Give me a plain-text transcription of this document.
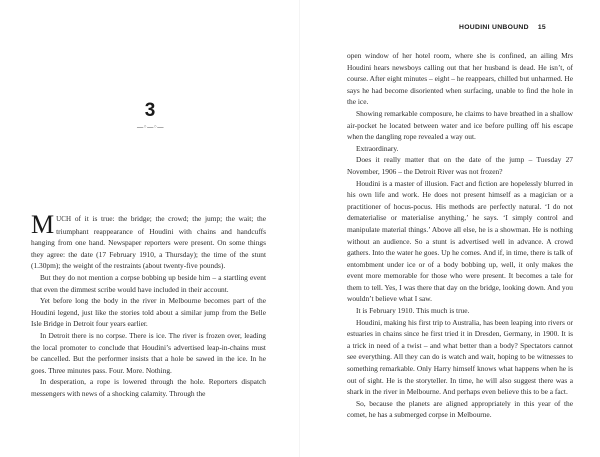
3
—◦—◦—

MUCH of it is true: the bridge; the crowd; the jump; the wait; the triumphant reappearance of Houdini with chains and handcuffs hanging from one hand. Newspaper reporters were present. On some things they agree: the date (17 February 1910, a Thursday); the time of the stunt (1.30pm); the weight of the restraints (about twenty-five pounds).

But they do not mention a corpse bobbing up beside him – a startling event that even the dimmest scribe would have included in their account.

Yet before long the body in the river in Melbourne becomes part of the Houdini legend, just like the stories told about a similar jump from the Belle Isle Bridge in Detroit four years earlier.

In Detroit there is no corpse. There is ice. The river is frozen over, leading the local promoter to conclude that Houdini’s advertised leap-in-chains must be cancelled. But the performer insists that a hole be sawed in the ice. In he goes. Three minutes pass. Four. More. Nothing.

In desperation, a rope is lowered through the hole. Reporters dispatch messengers with news of a shocking calamity. Through the

HOUDINI UNBOUND 15

open window of her hotel room, where she is confined, an ailing Mrs Houdini hears newsboys calling out that her husband is dead. He isn’t, of course. After eight minutes – eight – he reappears, chilled but unharmed. He says he had become disoriented when surfacing, unable to find the hole in the ice.

Showing remarkable composure, he claims to have breathed in a shallow air-pocket he located between water and ice before pulling off his escape when the dangling rope revealed a way out.

Extraordinary.

Does it really matter that on the date of the jump – Tuesday 27 November, 1906 – the Detroit River was not frozen?

Houdini is a master of illusion. Fact and fiction are hopelessly blurred in his own life and work. He does not present himself as a magician or a practitioner of hocus-pocus. His methods are perfectly natural. ‘I do not dematerialise or materialise anything,’ he says. ‘I simply control and manipulate material things.’ Above all else, he is a showman. He is nothing without an audience. So a stunt is advertised well in advance. A crowd gathers. Into the water he goes. Up he comes. And if, in time, there is talk of entombment under ice or of a body bobbing up, well, it only makes the event more memorable for those who were present. It becomes a tale for them to tell. Yes, I was there that day on the bridge, looking down. And you wouldn’t believe what I saw.

It is February 1910. This much is true.

Houdini, making his first trip to Australia, has been leaping into rivers or estuaries in chains since he first tried it in Dresden, Germany, in 1900. It is a trick in need of a twist – and what better than a body? Spectators cannot see everything. All they can do is watch and wait, hoping to be witnesses to something remarkable. Only Harry himself knows what happens when he is out of sight. He is the storyteller. In time, he will also suggest there was a shark in the river in Melbourne. And perhaps even believe this to be a fact.

So, because the planets are aligned appropriately in this year of the comet, he has a submerged corpse in Melbourne.
